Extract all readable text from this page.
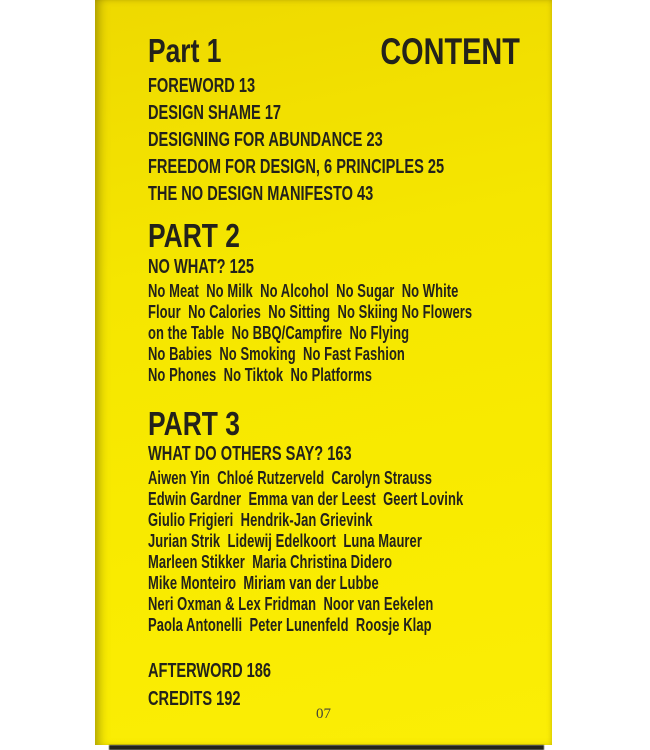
CONTENT
Part 1
FOREWORD 13
DESIGN SHAME 17
DESIGNING FOR ABUNDANCE 23
FREEDOM FOR DESIGN, 6 PRINCIPLES 25
THE NO DESIGN MANIFESTO 43
PART 2
NO WHAT? 125
No Meat  No Milk  No Alcohol  No Sugar  No White
Flour  No Calories  No Sitting  No Skiing No Flowers
on the Table  No BBQ/Campfire  No Flying
No Babies  No Smoking  No Fast Fashion
No Phones  No Tiktok  No Platforms
PART 3
WHAT DO OTHERS SAY? 163
Aiwen Yin  Chloé Rutzerveld  Carolyn Strauss
Edwin Gardner  Emma van der Leest  Geert Lovink
Giulio Frigieri  Hendrik-Jan Grievink
Jurian Strik  Lidewij Edelkoort  Luna Maurer
Marleen Stikker  Maria Christina Didero
Mike Monteiro  Miriam van der Lubbe
Neri Oxman & Lex Fridman  Noor van Eekelen
Paola Antonelli  Peter Lunenfeld  Roosje Klap
AFTERWORD 186
CREDITS 192
07
